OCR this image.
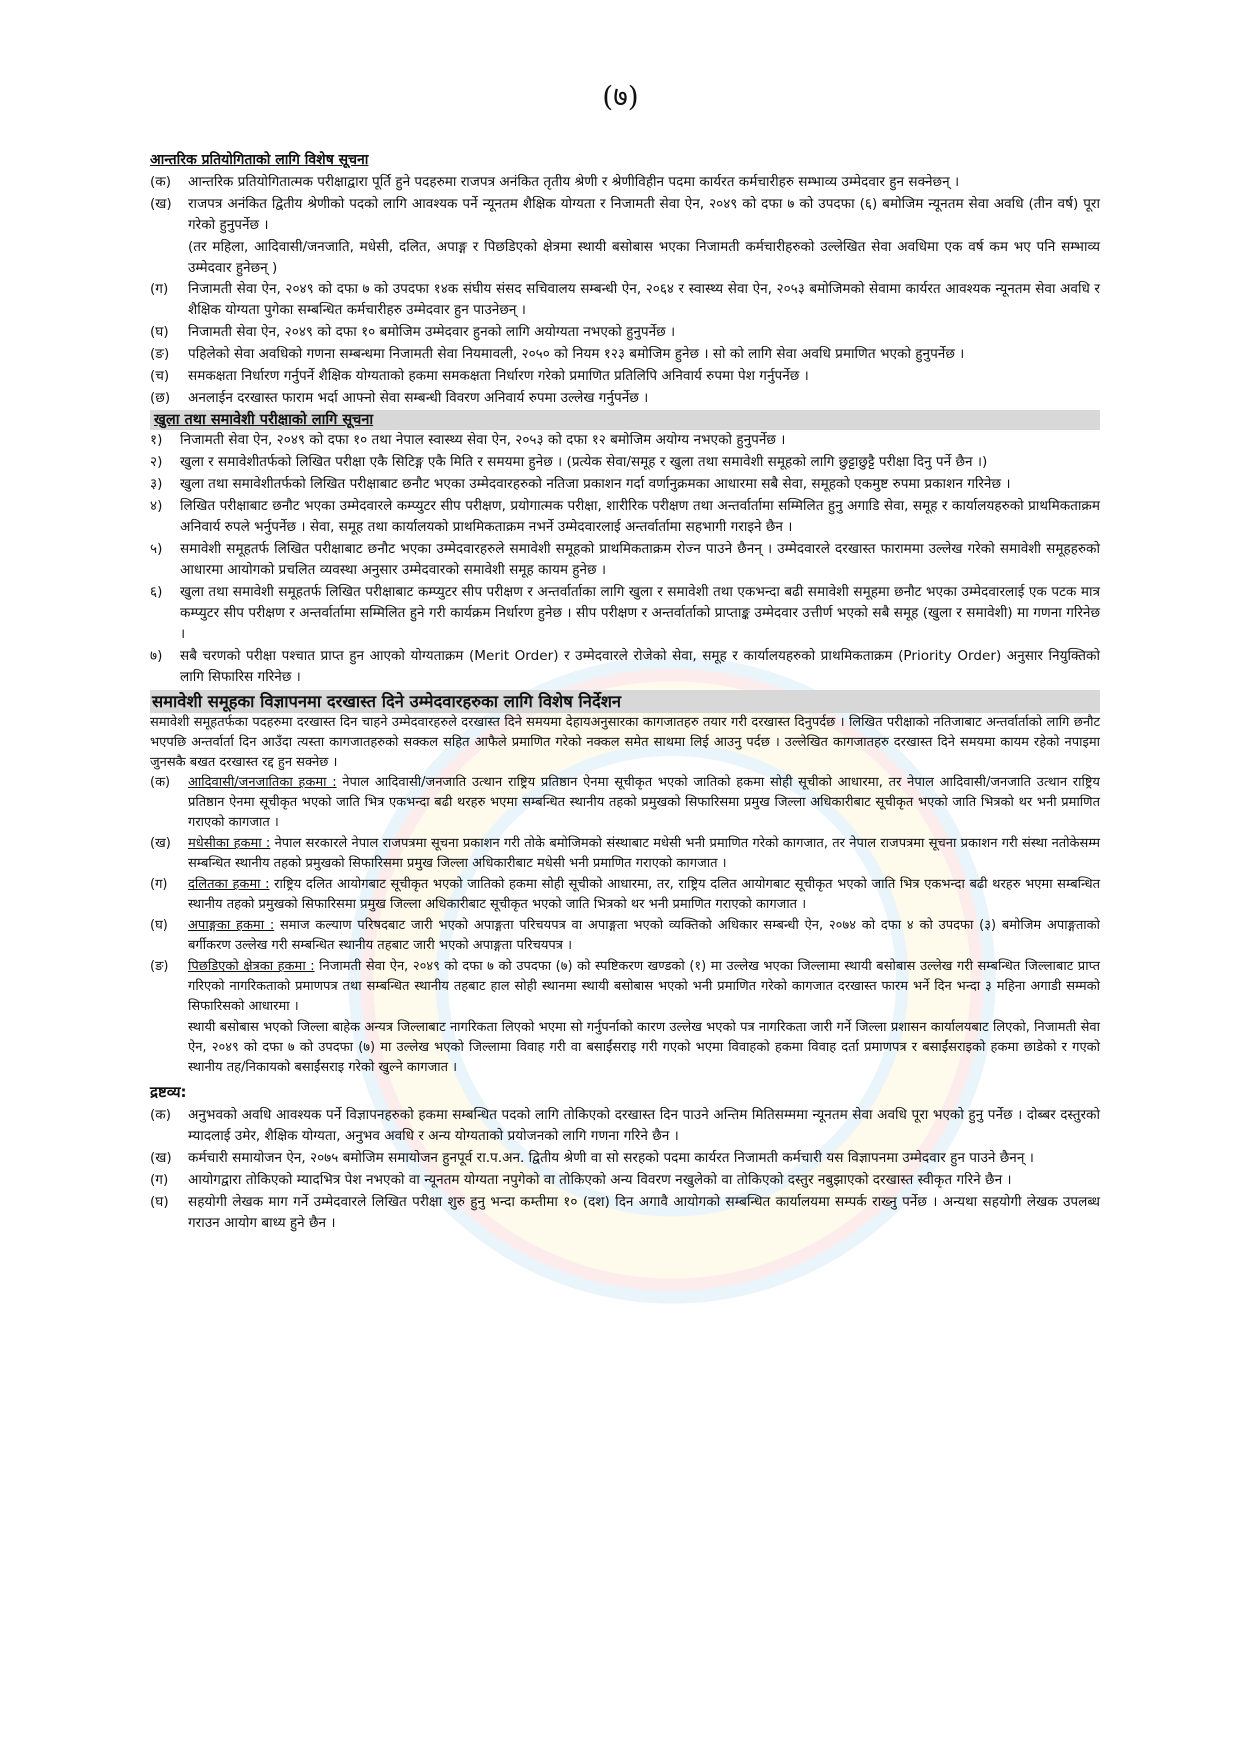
(७)
आन्तरिक प्रतियोगिताको लागि विशेष सूचना
(क)	आन्तरिक प्रतियोगितात्मक परीक्षाद्वारा पूर्ति हुने पदहरुमा राजपत्र अनंकित तृतीय श्रेणी र श्रेणीविहीन पदमा कार्यरत कर्मचारीहरु सम्भाव्य उम्मेदवार हुन सक्नेछन् ।
(ख)	राजपत्र अनंकित द्वितीय श्रेणीको पदको लागि आवश्यक पर्ने न्यूनतम शैक्षिक योग्यता र निजामती सेवा ऐन, २०४९ को दफा ७ को उपदफा (६) बमोजिम न्यूनतम सेवा अवधि (तीन वर्ष) पूरा गरेको हुनुपर्नेछ ।
(तर महिला, आदिवासी/जनजाति, मधेसी, दलित, अपाङ्ग र पिछडिएको क्षेत्रमा स्थायी बसोबास भएका निजामती कर्मचारीहरुको उल्लेखित सेवा अवधिमा एक वर्ष कम भए पनि सम्भाव्य उम्मेदवार हुनेछन् )
(ग)	निजामती सेवा ऐन, २०४९ को दफा ७ को उपदफा १४क संघीय संसद सचिवालय सम्बन्धी ऐन, २०६४ र स्वास्थ्य सेवा ऐन, २०५३ बमोजिमको सेवामा कार्यरत आवश्यक न्यूनतम सेवा अवधि र शैक्षिक योग्यता पुगेका सम्बन्धित कर्मचारीहरु उम्मेदवार हुन पाउनेछन् ।
(घ)	निजामती सेवा ऐन, २०४९ को दफा १० बमोजिम उम्मेदवार हुनको लागि अयोग्यता नभएको हुनुपर्नेछ ।
(ङ)	पहिलेको सेवा अवधिको गणना सम्बन्धमा निजामती सेवा नियमावली, २०५० को नियम १२३ बमोजिम हुनेछ । सो को लागि सेवा अवधि प्रमाणित भएको हुनुपर्नेछ ।
(च)	समकक्षता निर्धारण गर्नुपर्ने शैक्षिक योग्यताको हकमा समकक्षता निर्धारण गरेको प्रमाणित प्रतिलिपि अनिवार्य रुपमा पेश गर्नुपर्नेछ ।
(छ)	अनलाईन दरखास्त फाराम भर्दा आफ्नो सेवा सम्बन्धी विवरण अनिवार्य रुपमा उल्लेख गर्नुपर्नेछ ।
खुला तथा समावेशी परीक्षाको लागि सूचना
१)	निजामती सेवा ऐन, २०४९ को दफा १० तथा नेपाल स्वास्थ्य सेवा ऐन, २०५३ को दफा १२ बमोजिम अयोग्य नभएको हुनुपर्नेछ ।
२)	खुला र समावेशीतर्फको लिखित परीक्षा एकै सिटिङ्ग एकै मिति र समयमा हुनेछ । (प्रत्येक सेवा/समूह र खुला तथा समावेशी समूहको लागि छुट्टाछुट्टै परीक्षा दिनु पर्ने छैन ।)
३)	खुला तथा समावेशीतर्फको लिखित परीक्षाबाट छनौट भएका उम्मेदवारहरुको नतिजा प्रकाशन गर्दा वर्णानुक्रमका आधारमा सबै सेवा, समूहको एकमुष्ट रुपमा प्रकाशन गरिनेछ ।
४)	लिखित परीक्षाबाट छनौट भएका उम्मेदवारले कम्प्युटर सीप परीक्षण, प्रयोगात्मक परीक्षा, शारीरिक परीक्षण तथा अन्तर्वार्तामा सम्मिलित हुनु अगाडि सेवा, समूह र कार्यालयहरुको प्राथमिकताक्रम अनिवार्य रुपले भर्नुपर्नेछ । सेवा, समूह तथा कार्यालयको प्राथमिकताक्रम नभर्ने उम्मेदवारलाई अन्तर्वार्तामा सहभागी गराइने छैन ।
५)	समावेशी समूहतर्फ लिखित परीक्षाबाट छनौट भएका उम्मेदवारहरुले समावेशी समूहको प्राथमिकताक्रम रोज्न पाउने छैनन् । उम्मेदवारले दरखास्त फाराममा उल्लेख गरेको समावेशी समूहहरुको आधारमा आयोगको प्रचलित व्यवस्था अनुसार उम्मेदवारको समावेशी समूह कायम हुनेछ ।
६)	खुला तथा समावेशी समूहतर्फ लिखित परीक्षाबाट कम्प्युटर सीप परीक्षण र अन्तर्वार्ताका लागि खुला र समावेशी तथा एकभन्दा बढी समावेशी समूहमा छनौट भएका उम्मेदवारलाई एक पटक मात्र कम्प्युटर सीप परीक्षण र अन्तर्वार्तामा सम्मिलित हुने गरी कार्यक्रम निर्धारण हुनेछ । सीप परीक्षण र अन्तर्वार्ताको प्राप्ताङ्क उम्मेदवार उत्तीर्ण भएको सबै समूह (खुला र समावेशी) मा गणना गरिनेछ ।
७)	सबै चरणको परीक्षा पश्चात प्राप्त हुन आएको योग्यताक्रम (Merit Order) र उम्मेदवारले रोजेको सेवा, समूह र कार्यालयहरुको प्राथमिकताक्रम (Priority Order) अनुसार नियुक्तिको लागि सिफारिस गरिनेछ ।
समावेशी समूहका विज्ञापनमा दरखास्त दिने उम्मेदवारहरुका लागि विशेष निर्देशन

समावेशी समूहतर्फका पदहरुमा दरखास्त दिन चाहने उम्मेदवारहरुले दरखास्त दिने समयमा देहायअनुसारका कागजातहरु तयार गरी दरखास्त दिनुपर्दछ । लिखित परीक्षाको नतिजाबाट अन्तर्वार्ताको लागि छनौट भएपछि अन्तर्वार्ता दिन आउँदा त्यस्ता कागजातहरुको सक्कल सहित आफैले प्रमाणित गरेको नक्कल समेत साथमा लिई आउनु पर्दछ । उल्लेखित कागजातहरु दरखास्त दिने समयमा कायम रहेको नपाइमा जुनसकै बखत दरखास्त रद्द हुन सक्नेछ ।

(क)	आदिवासी/जनजातिका हकमा : नेपाल आदिवासी/जनजाति उत्थान राष्ट्रिय प्रतिष्ठान ऐनमा सूचीकृत भएको जातिको हकमा सोही सूचीको आधारमा, तर नेपाल आदिवासी/जनजाति उत्थान राष्ट्रिय प्रतिष्ठान ऐनमा सूचीकृत भएको जाति भित्र एकभन्दा बढी थरहरु भएमा सम्बन्धित स्थानीय तहको प्रमुखको सिफारिसमा प्रमुख जिल्ला अधिकारीबाट सूचीकृत भएको जाति भित्रको थर भनी प्रमाणित गराएको कागजात ।
(ख)	मधेसीका हकमा : नेपाल सरकारले नेपाल राजपत्रमा सूचना प्रकाशन गरी तोके बमोजिमको संस्थाबाट मधेसी भनी प्रमाणित गरेको कागजात, तर नेपाल राजपत्रमा सूचना प्रकाशन गरी संस्था नतोकेसम्म सम्बन्धित स्थानीय तहको प्रमुखको सिफारिसमा प्रमुख जिल्ला अधिकारीबाट मधेसी भनी प्रमाणित गराएको कागजात ।
(ग)	दलितका हकमा : राष्ट्रिय दलित आयोगबाट सूचीकृत भएको जातिको हकमा सोही सूचीको आधारमा, तर, राष्ट्रिय दलित आयोगबाट सूचीकृत भएको जाति भित्र एकभन्दा बढी थरहरु भएमा सम्बन्धित स्थानीय तहको प्रमुखको सिफारिसमा प्रमुख जिल्ला अधिकारीबाट सूचीकृत भएको जाति भित्रको थर भनी प्रमाणित गराएको कागजात ।
(घ)	अपाङ्गका हकमा : समाज कल्याण परिषदबाट जारी भएको अपाङ्गता परिचयपत्र वा अपाङ्गता भएको व्यक्तिको अधिकार सम्बन्धी ऐन, २०७४ को दफा ४ को उपदफा (३) बमोजिम अपाङ्गताको बर्गीकरण उल्लेख गरी सम्बन्धित स्थानीय तहबाट जारी भएको अपाङ्गता परिचयपत्र ।
(ङ)	पिछडिएको क्षेत्रका हकमा : निजामती सेवा ऐन, २०४९ को दफा ७ को उपदफा (७) को स्पष्टिकरण खण्डको (१) मा उल्लेख भएका जिल्लामा स्थायी बसोबास उल्लेख गरी सम्बन्धित जिल्लाबाट प्राप्त गरिएको नागरिकताको प्रमाणपत्र तथा सम्बन्धित स्थानीय तहबाट हाल सोही स्थानमा स्थायी बसोबास भएको भनी प्रमाणित गरेको कागजात दरखास्त फारम भर्ने दिन भन्दा ३ महिना अगाडी सम्मको सिफारिसको आधारमा ।
स्थायी बसोबास भएको जिल्ला बाहेक अन्यत्र जिल्लाबाट नागरिकता लिएको भएमा सो गर्नुपर्नाको कारण उल्लेख भएको पत्र नागरिकता जारी गर्ने जिल्ला प्रशासन कार्यालयबाट लिएको, निजामती सेवा ऐन, २०४९ को दफा ७ को उपदफा (७) मा उल्लेख भएको जिल्लामा विवाह गरी वा बसाईंसराइ गरी गएको भएमा विवाहको हकमा विवाह दर्ता प्रमाणपत्र र बसाईंसराइको हकमा छाडेको र गएको स्थानीय तह/निकायको बसाईंसराइ गरेको खुल्ने कागजात ।
द्रष्टव्य:
(क)	अनुभवको अवधि आवश्यक पर्ने विज्ञापनहरुको हकमा सम्बन्धित पदको लागि तोकिएको दरखास्त दिन पाउने अन्तिम मितिसम्ममा न्यूनतम सेवा अवधि पूरा भएको हुनु पर्नेछ । दोब्बर दस्तुरको म्यादलाई उमेर, शैक्षिक योग्यता, अनुभव अवधि र अन्य योग्यताको प्रयोजनको लागि गणना गरिने छैन ।
(ख)	कर्मचारी समायोजन ऐन, २०७५ बमोजिम समायोजन हुनपूर्व रा.प.अन. द्वितीय श्रेणी वा सो सरहको पदमा कार्यरत निजामती कर्मचारी यस विज्ञापनमा उम्मेदवार हुन पाउने छैनन् ।
(ग)	आयोगद्वारा तोकिएको म्यादभित्र पेश नभएको वा न्यूनतम योग्यता नपुगेको वा तोकिएको अन्य विवरण नखुलेको वा तोकिएको दस्तुर नबुझाएको दरखास्त स्वीकृत गरिने छैन ।
(घ)	सहयोगी लेखक माग गर्ने उम्मेदवारले लिखित परीक्षा शुरु हुनु भन्दा कम्तीमा १० (दश) दिन अगावै आयोगको सम्बन्धित कार्यालयमा सम्पर्क राख्नु पर्नेछ । अन्यथा सहयोगी लेखक उपलब्ध गराउन आयोग बाध्य हुने छैन ।
